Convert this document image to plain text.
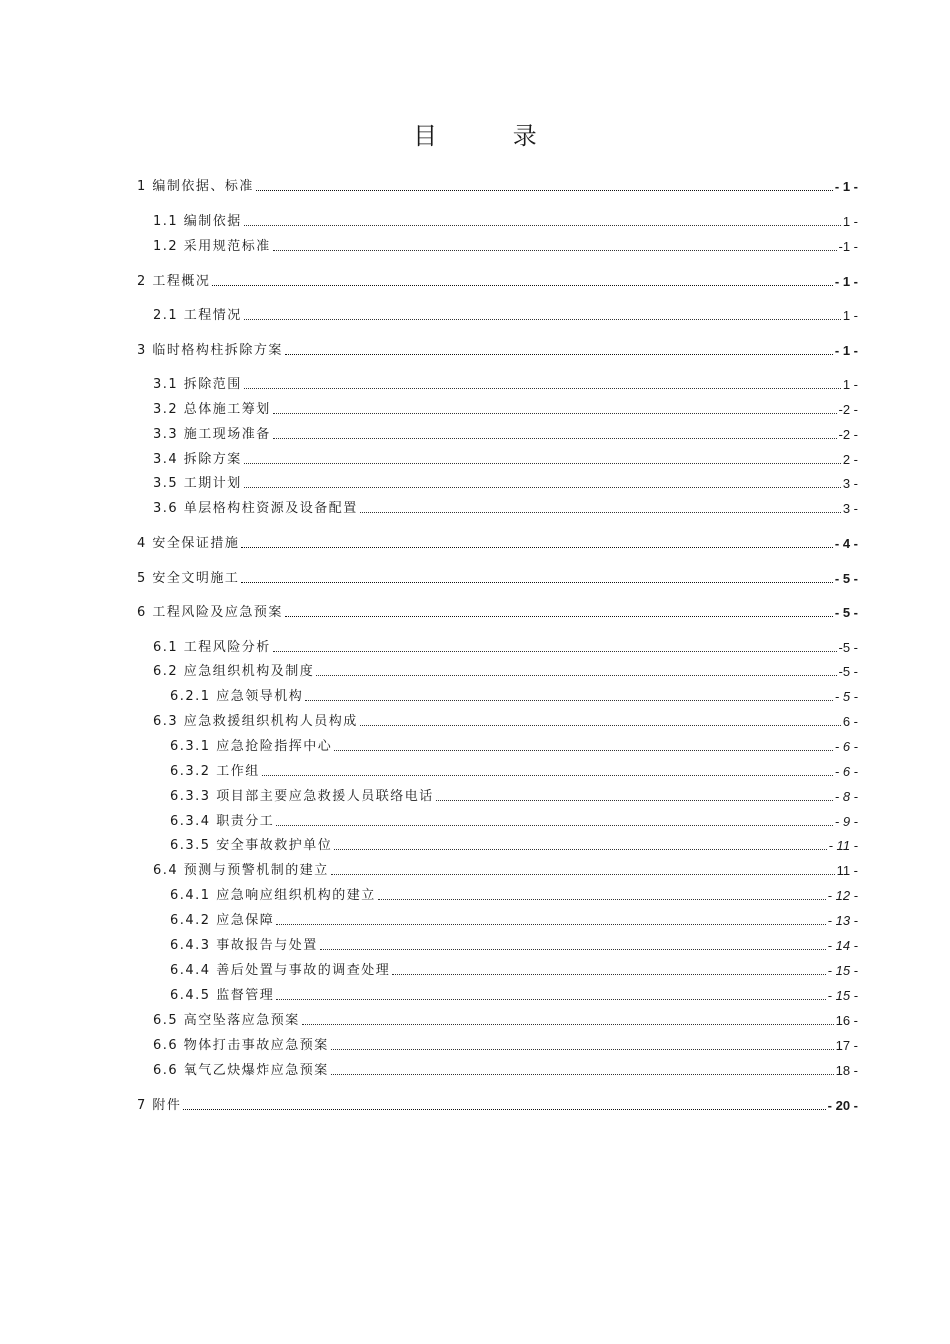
目 录
1 编制依据、标准	- 1 -
1.1 编制依据	1 -
1.2 采用规范标准	-1 -
2 工程概况	- 1 -
2.1 工程情况	1 -
3 临时格构柱拆除方案	- 1 -
3.1 拆除范围	1 -
3.2 总体施工筹划	-2 -
3.3 施工现场准备	-2 -
3.4 拆除方案	2 -
3.5 工期计划	3 -
3.6 单层格构柱资源及设备配置	3 -
4 安全保证措施	- 4 -
5 安全文明施工	- 5 -
6 工程风险及应急预案	- 5 -
6.1 工程风险分析	-5 -
6.2 应急组织机构及制度	-5 -
6.2.1 应急领导机构	- 5 -
6.3 应急救援组织机构人员构成	6 -
6.3.1 应急抢险指挥中心	- 6 -
6.3.2 工作组	- 6 -
6.3.3 项目部主要应急救援人员联络电话	- 8 -
6.3.4 职责分工	- 9 -
6.3.5 安全事故救护单位	- 11 -
6.4 预测与预警机制的建立	11 -
6.4.1 应急响应组织机构的建立	- 12 -
6.4.2 应急保障	- 13 -
6.4.3 事故报告与处置	- 14 -
6.4.4 善后处置与事故的调查处理	- 15 -
6.4.5 监督管理	- 15 -
6.5 高空坠落应急预案	16 -
6.6 物体打击事故应急预案	17 -
6.6 氧气乙炔爆炸应急预案	18 -
7 附件	- 20 -
